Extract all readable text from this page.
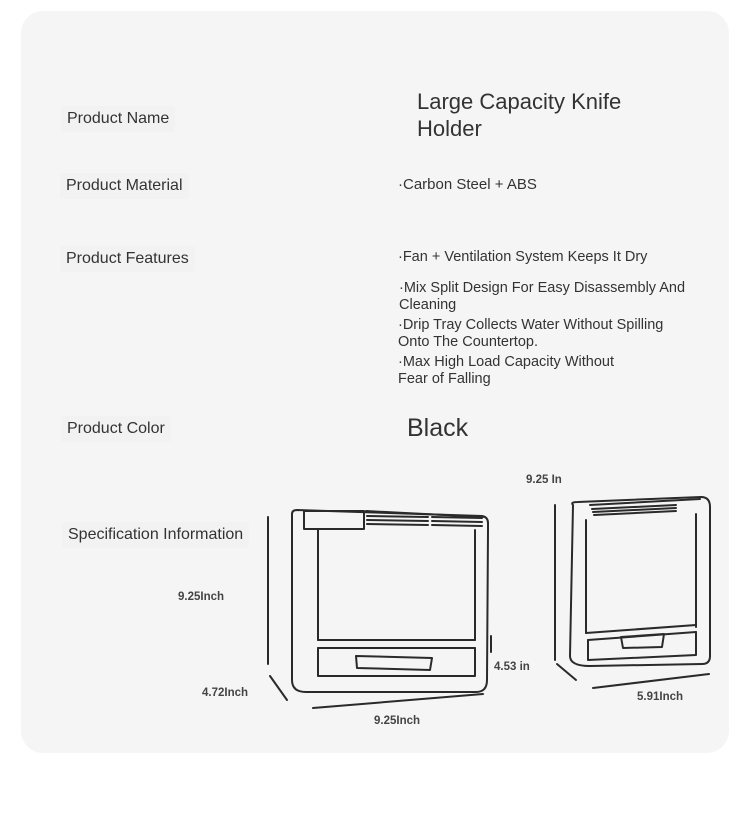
Product Name
Product Material
Product Features
Product Color
Specification Information
Large Capacity Knife Holder
·Carbon Steel + ABS
·Fan + Ventilation System Keeps It Dry
·Mix Split Design For Easy Disassembly And Cleaning
·Drip Tray Collects Water Without Spilling Onto The Countertop.
·Max High Load Capacity Without Fear of Falling
Black
9.25Inch
4.72Inch
9.25Inch
4.53 in
9.25 In
5.91Inch
